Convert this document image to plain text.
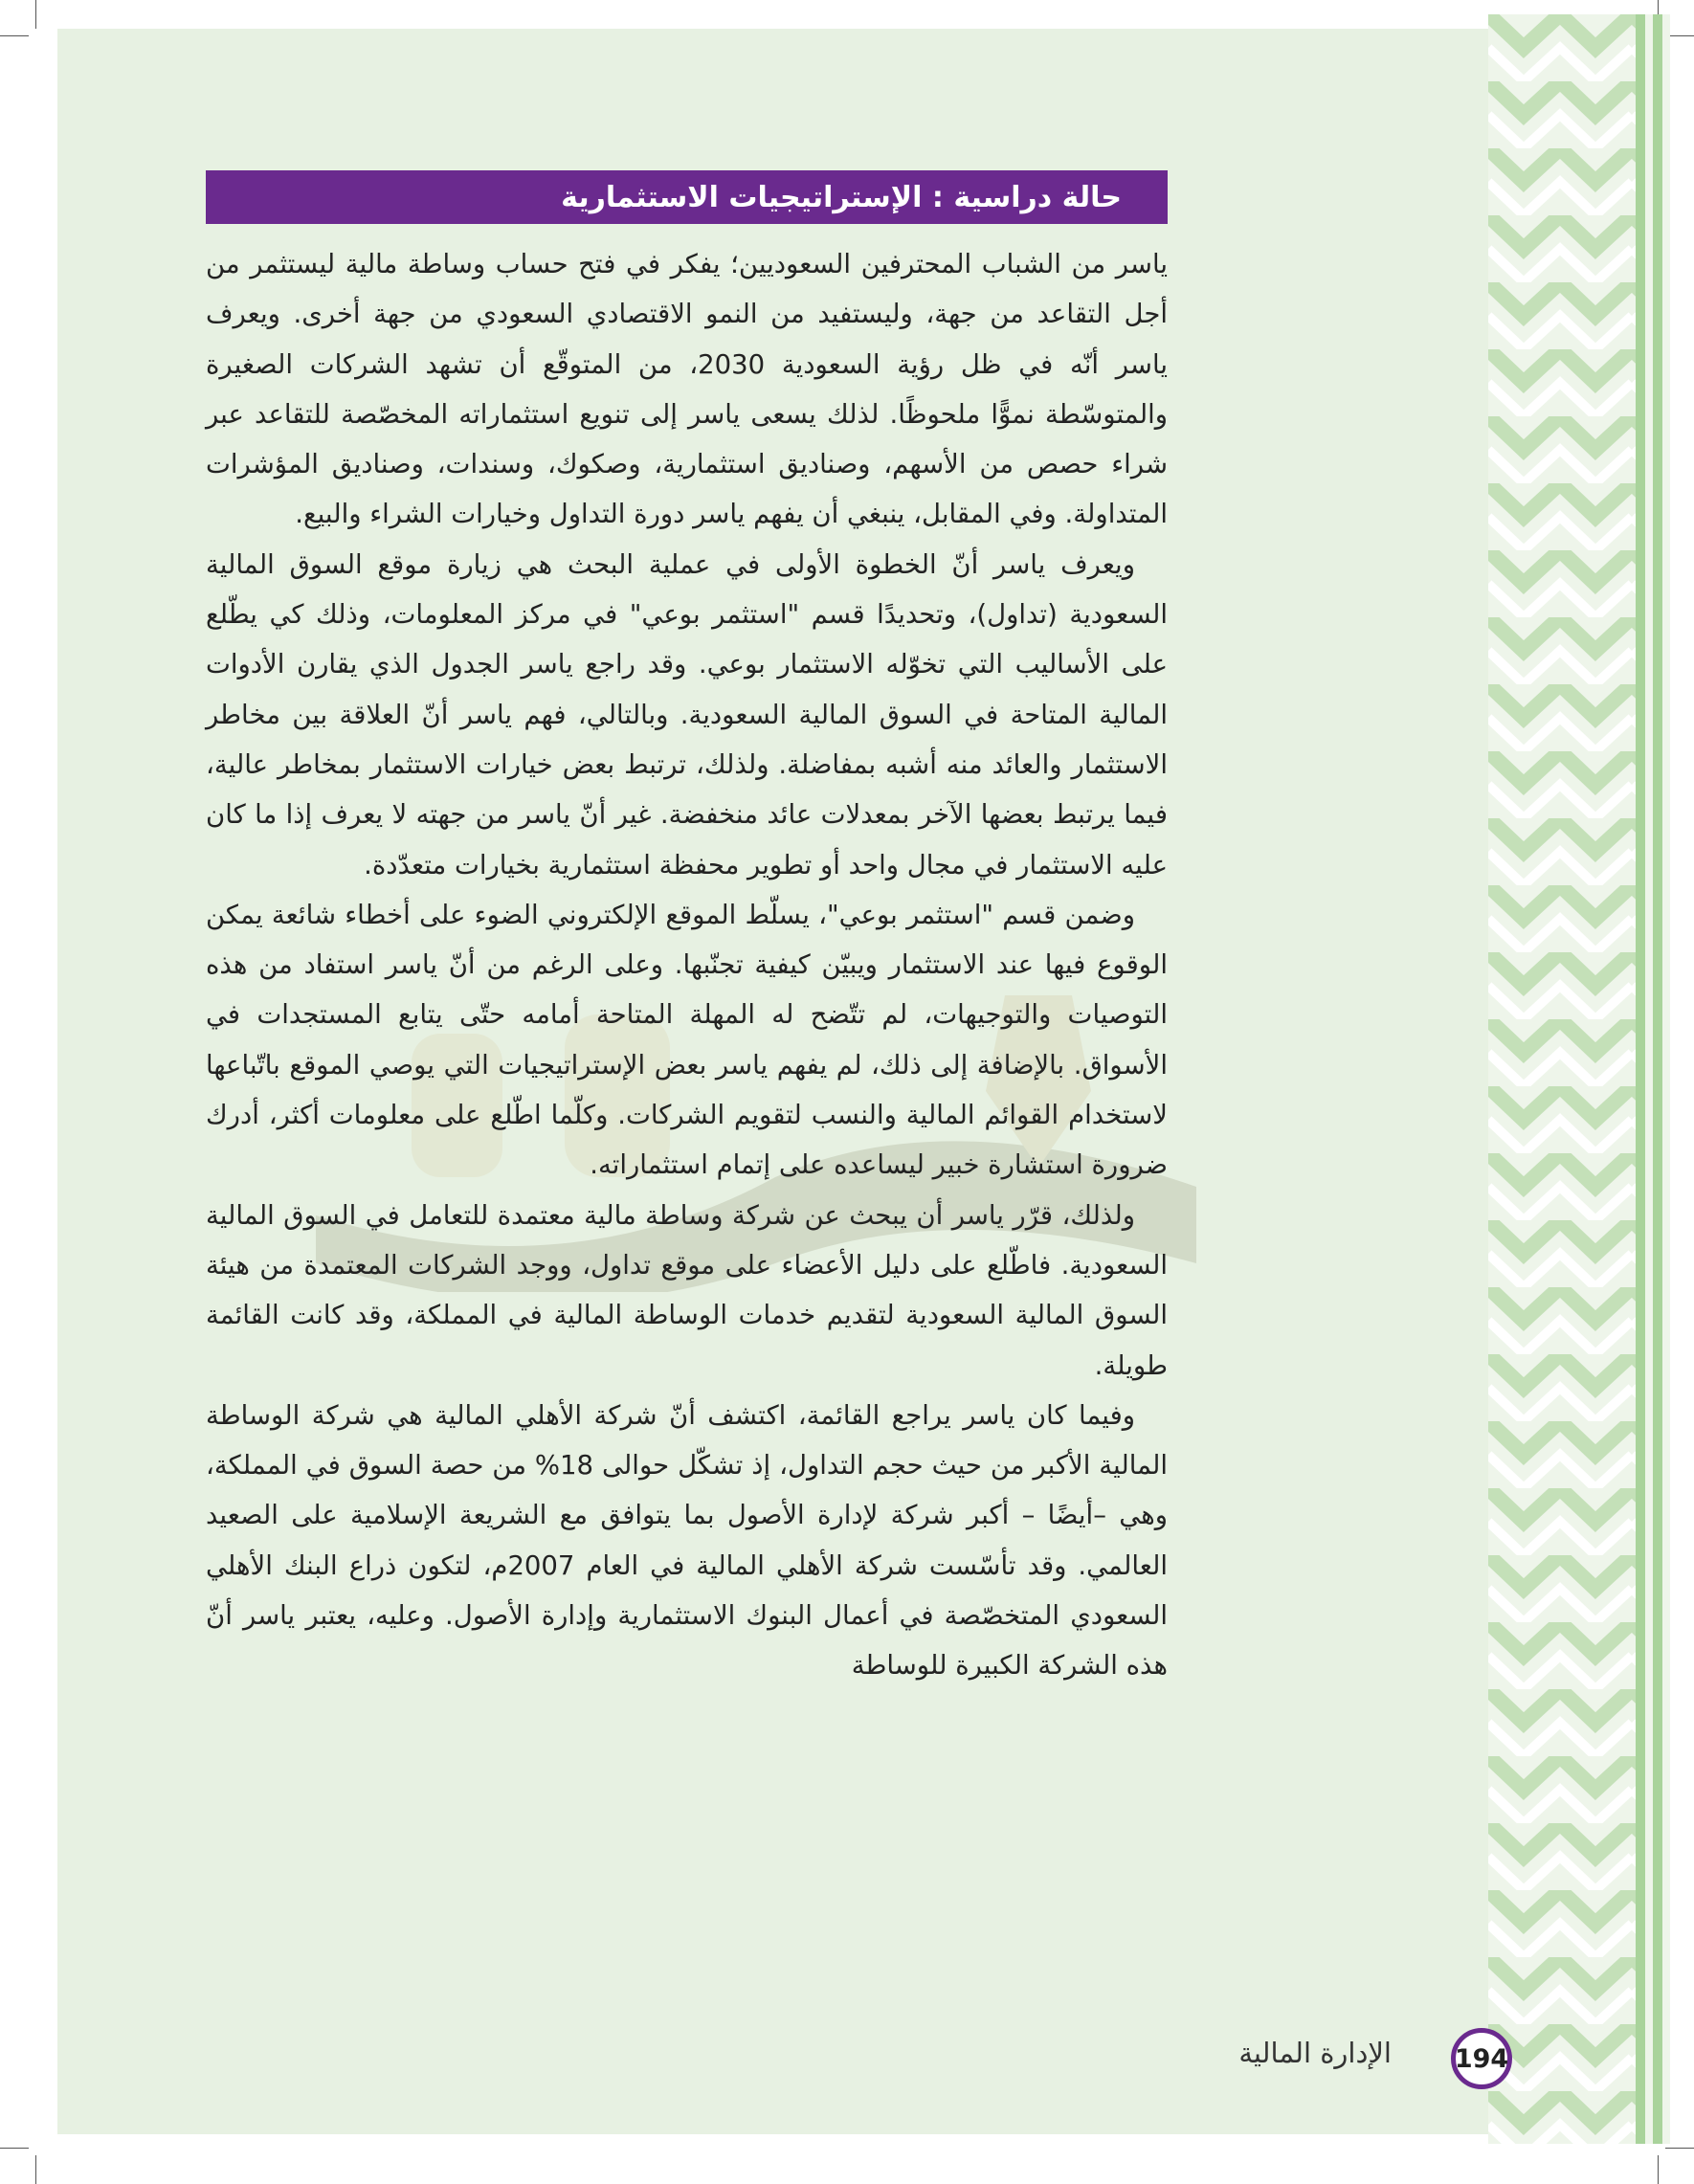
حالة دراسية : الإستراتيجيات الاستثمارية

ياسر من الشباب المحترفين السعوديين؛ يفكر في فتح حساب وساطة مالية ليستثمر من أجل التقاعد من جهة، وليستفيد من النمو الاقتصادي السعودي من جهة أخرى. ويعرف ياسر أنّه في ظل رؤية السعودية 2030، من المتوقّع أن تشهد الشركات الصغيرة والمتوسّطة نموًّا ملحوظًا. لذلك يسعى ياسر إلى تنويع استثماراته المخصّصة للتقاعد عبر شراء حصص من الأسهم، وصناديق استثمارية، وصكوك، وسندات، وصناديق المؤشرات المتداولة. وفي المقابل، ينبغي أن يفهم ياسر دورة التداول وخيارات الشراء والبيع.

ويعرف ياسر أنّ الخطوة الأولى في عملية البحث هي زيارة موقع السوق المالية السعودية (تداول)، وتحديدًا قسم "استثمر بوعي" في مركز المعلومات، وذلك كي يطّلع على الأساليب التي تخوّله الاستثمار بوعي. وقد راجع ياسر الجدول الذي يقارن الأدوات المالية المتاحة في السوق المالية السعودية. وبالتالي، فهم ياسر أنّ العلاقة بين مخاطر الاستثمار والعائد منه أشبه بمفاضلة. ولذلك، ترتبط بعض خيارات الاستثمار بمخاطر عالية، فيما يرتبط بعضها الآخر بمعدلات عائد منخفضة. غير أنّ ياسر من جهته لا يعرف إذا ما كان عليه الاستثمار في مجال واحد أو تطوير محفظة استثمارية بخيارات متعدّدة.

وضمن قسم "استثمر بوعي"، يسلّط الموقع الإلكتروني الضوء على أخطاء شائعة يمكن الوقوع فيها عند الاستثمار ويبيّن كيفية تجنّبها. وعلى الرغم من أنّ ياسر استفاد من هذه التوصيات والتوجيهات، لم تتّضح له المهلة المتاحة أمامه حتّى يتابع المستجدات في الأسواق. بالإضافة إلى ذلك، لم يفهم ياسر بعض الإستراتيجيات التي يوصي الموقع باتّباعها لاستخدام القوائم المالية والنسب لتقويم الشركات. وكلّما اطّلع على معلومات أكثر، أدرك ضرورة استشارة خبير ليساعده على إتمام استثماراته.

ولذلك، قرّر ياسر أن يبحث عن شركة وساطة مالية معتمدة للتعامل في السوق المالية السعودية. فاطّلع على دليل الأعضاء على موقع تداول، ووجد الشركات المعتمدة من هيئة السوق المالية السعودية لتقديم خدمات الوساطة المالية في المملكة، وقد كانت القائمة طويلة.

وفيما كان ياسر يراجع القائمة، اكتشف أنّ شركة الأهلي المالية هي شركة الوساطة المالية الأكبر من حيث حجم التداول، إذ تشكّل حوالى 18% من حصة السوق في المملكة، وهي –أيضًا – أكبر شركة لإدارة الأصول بما يتوافق مع الشريعة الإسلامية على الصعيد العالمي. وقد تأسّست شركة الأهلي المالية في العام 2007م، لتكون ذراع البنك الأهلي السعودي المتخصّصة في أعمال البنوك الاستثمارية وإدارة الأصول. وعليه، يعتبر ياسر أنّ هذه الشركة الكبيرة للوساطة

الإدارة المالية 194
